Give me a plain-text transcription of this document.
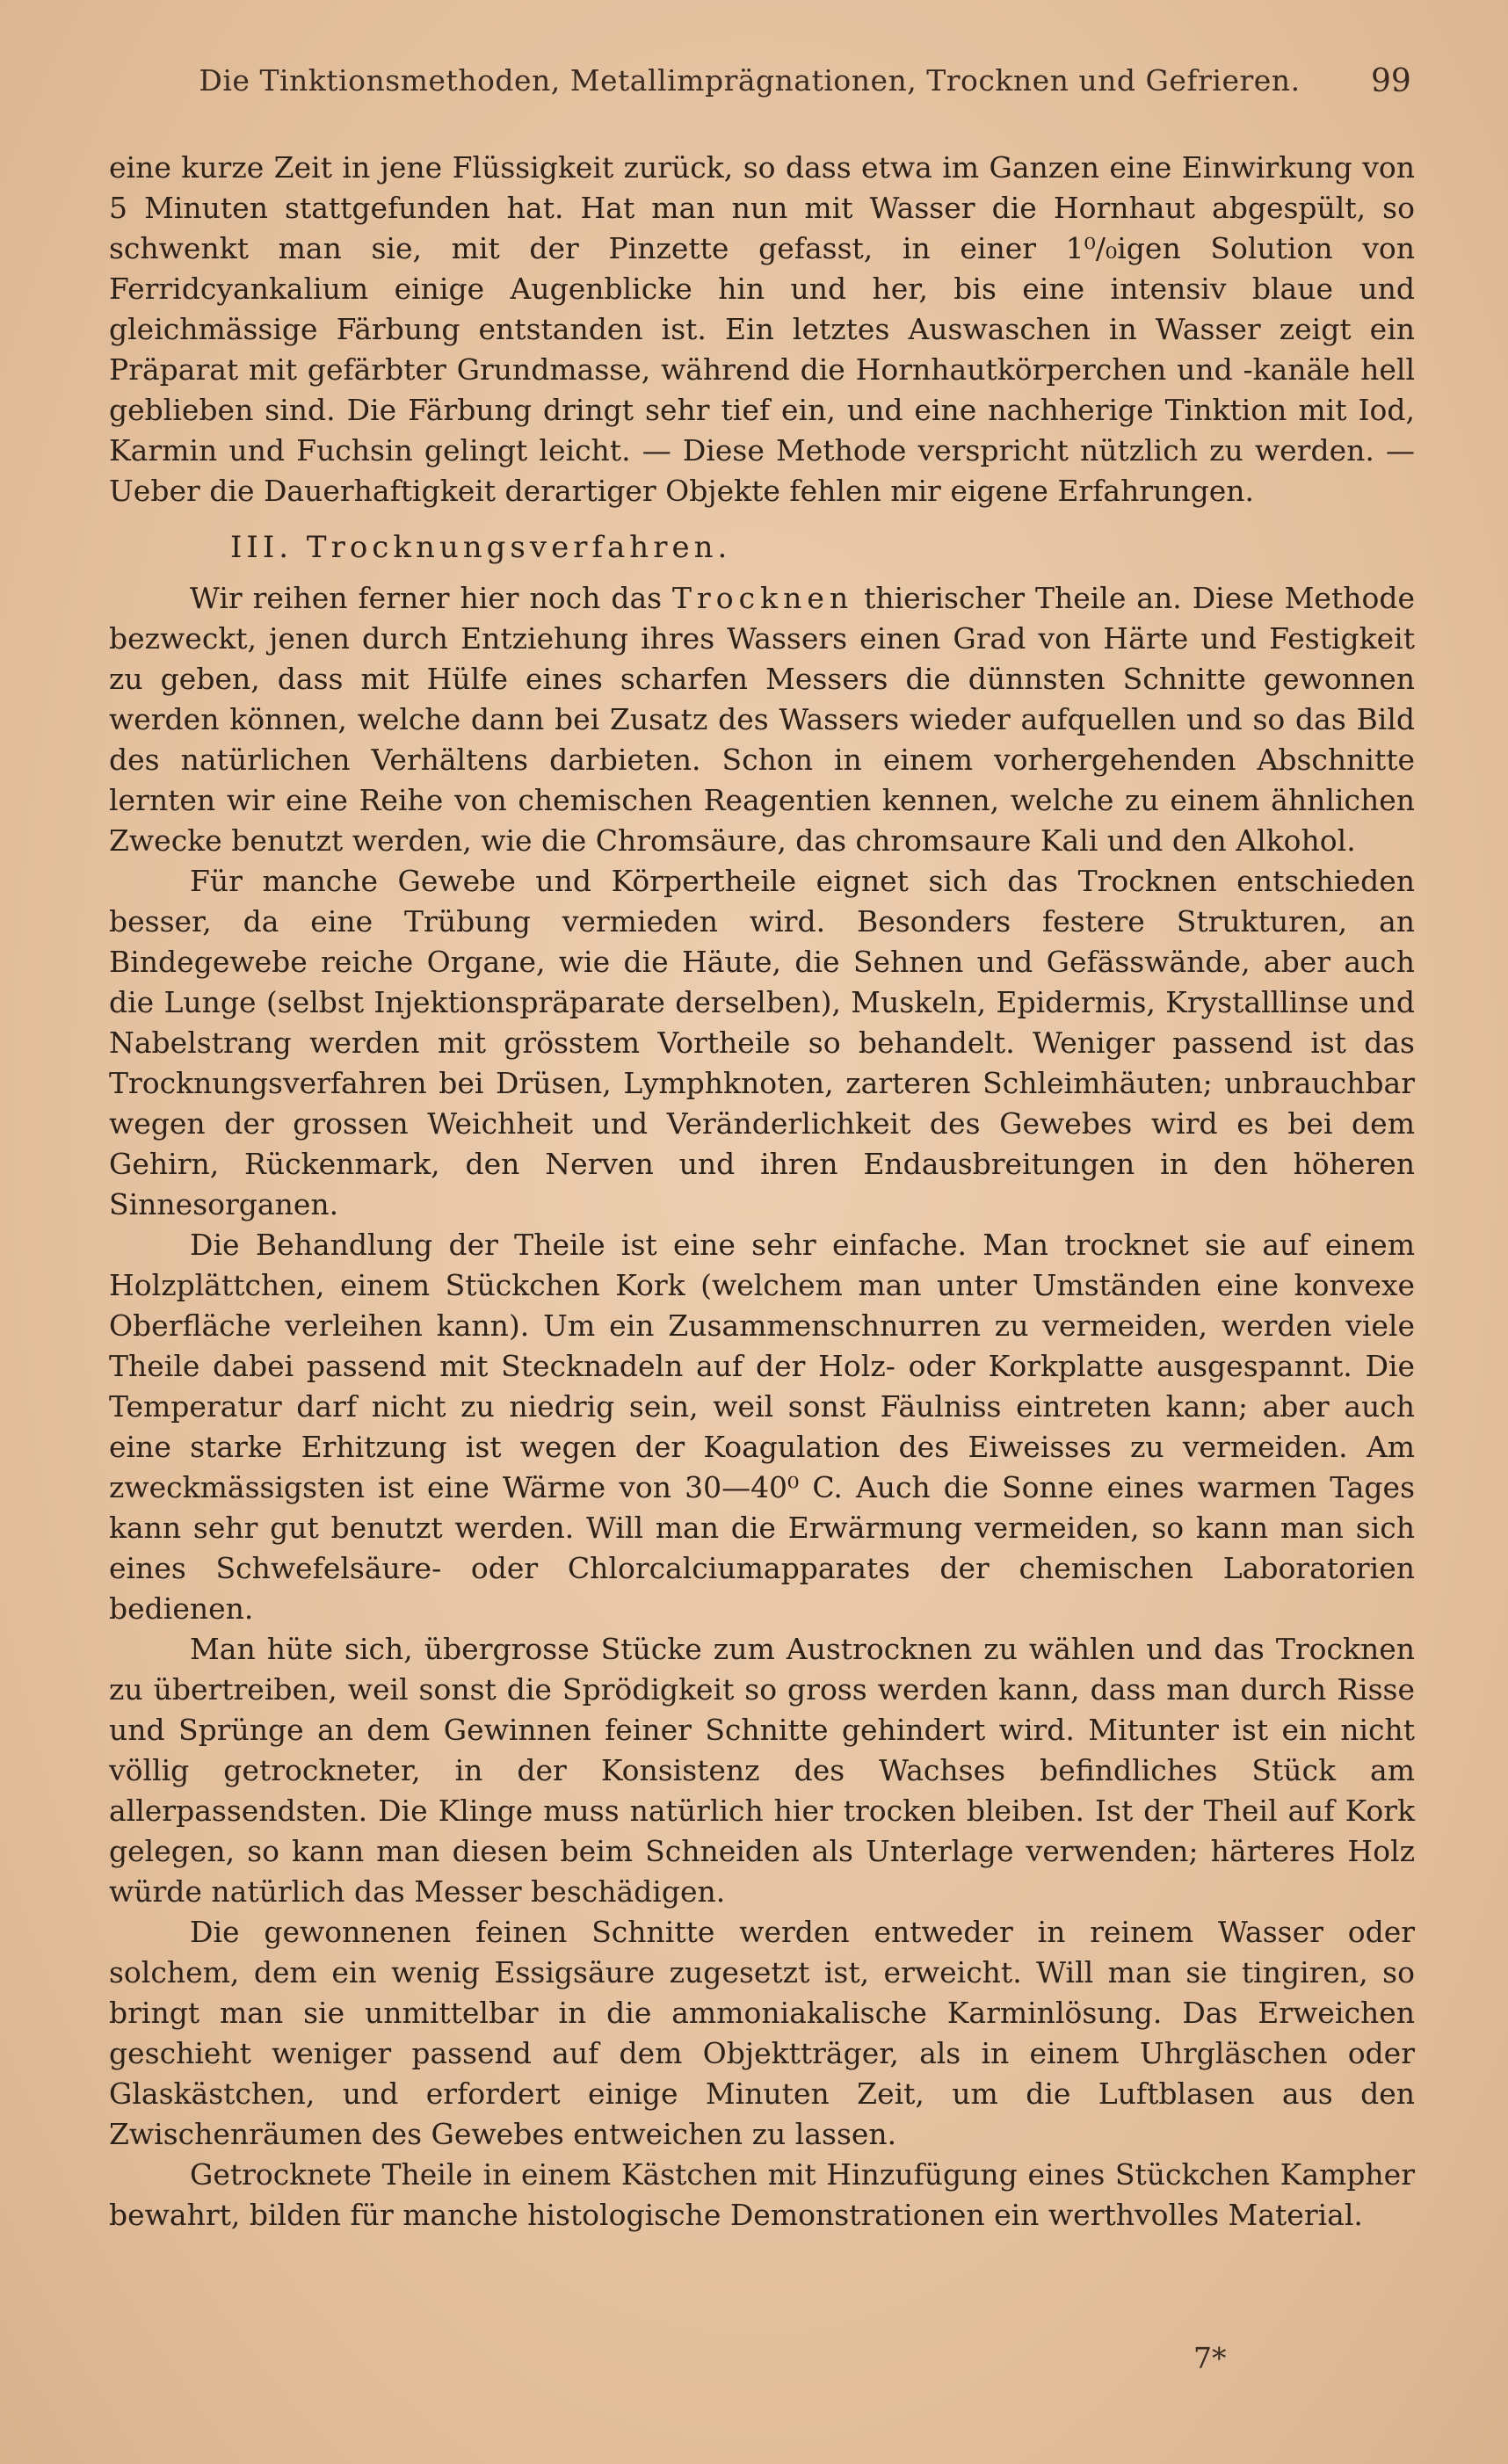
Die Tinktionsmethoden, Metallimprägnationen, Trocknen und Gefrieren.	99

eine kurze Zeit in jene Flüssigkeit zurück, so dass etwa im Ganzen eine Einwirkung von 5 Minuten stattgefunden hat. Hat man nun mit Wasser die Hornhaut abgespült, so schwenkt man sie, mit der Pinzette gefasst, in einer 1⁰/₀igen Solution von Ferridcyankalium einige Augenblicke hin und her, bis eine intensiv blaue und gleichmässige Färbung entstanden ist. Ein letztes Auswaschen in Wasser zeigt ein Präparat mit gefärbter Grundmasse, während die Hornhautkörperchen und -kanäle hell geblieben sind. Die Färbung dringt sehr tief ein, und eine nachherige Tinktion mit Iod, Karmin und Fuchsin gelingt leicht. — Diese Methode verspricht nützlich zu werden. — Ueber die Dauerhaftigkeit derartiger Objekte fehlen mir eigene Erfahrungen.

III. Trocknungsverfahren.

Wir reihen ferner hier noch das Trocknen thierischer Theile an. Diese Methode bezweckt, jenen durch Entziehung ihres Wassers einen Grad von Härte und Festigkeit zu geben, dass mit Hülfe eines scharfen Messers die dünnsten Schnitte gewonnen werden können, welche dann bei Zusatz des Wassers wieder aufquellen und so das Bild des natürlichen Verhältens darbieten. Schon in einem vorhergehenden Abschnitte lernten wir eine Reihe von chemischen Reagentien kennen, welche zu einem ähnlichen Zwecke benutzt werden, wie die Chromsäure, das chromsaure Kali und den Alkohol.

Für manche Gewebe und Körpertheile eignet sich das Trocknen entschieden besser, da eine Trübung vermieden wird. Besonders festere Strukturen, an Bindegewebe reiche Organe, wie die Häute, die Sehnen und Gefässwände, aber auch die Lunge (selbst Injektionspräparate derselben), Muskeln, Epidermis, Krystalllinse und Nabelstrang werden mit grösstem Vortheile so behandelt. Weniger passend ist das Trocknungsverfahren bei Drüsen, Lymphknoten, zarteren Schleimhäuten; unbrauchbar wegen der grossen Weichheit und Veränderlichkeit des Gewebes wird es bei dem Gehirn, Rückenmark, den Nerven und ihren Endausbreitungen in den höheren Sinnesorganen.

Die Behandlung der Theile ist eine sehr einfache. Man trocknet sie auf einem Holzplättchen, einem Stückchen Kork (welchem man unter Umständen eine konvexe Oberfläche verleihen kann). Um ein Zusammenschnurren zu vermeiden, werden viele Theile dabei passend mit Stecknadeln auf der Holz- oder Korkplatte ausgespannt. Die Temperatur darf nicht zu niedrig sein, weil sonst Fäulniss eintreten kann; aber auch eine starke Erhitzung ist wegen der Koagulation des Eiweisses zu vermeiden. Am zweckmässigsten ist eine Wärme von 30—40⁰ C. Auch die Sonne eines warmen Tages kann sehr gut benutzt werden. Will man die Erwärmung vermeiden, so kann man sich eines Schwefelsäure- oder Chlorcalciumapparates der chemischen Laboratorien bedienen.

Man hüte sich, übergrosse Stücke zum Austrocknen zu wählen und das Trocknen zu übertreiben, weil sonst die Sprödigkeit so gross werden kann, dass man durch Risse und Sprünge an dem Gewinnen feiner Schnitte gehindert wird. Mitunter ist ein nicht völlig getrockneter, in der Konsistenz des Wachses befindliches Stück am allerpassendsten. Die Klinge muss natürlich hier trocken bleiben. Ist der Theil auf Kork gelegen, so kann man diesen beim Schneiden als Unterlage verwenden; härteres Holz würde natürlich das Messer beschädigen.

Die gewonnenen feinen Schnitte werden entweder in reinem Wasser oder solchem, dem ein wenig Essigsäure zugesetzt ist, erweicht. Will man sie tingiren, so bringt man sie unmittelbar in die ammoniakalische Karminlösung. Das Erweichen geschieht weniger passend auf dem Objektträger, als in einem Uhrgläschen oder Glaskästchen, und erfordert einige Minuten Zeit, um die Luftblasen aus den Zwischenräumen des Gewebes entweichen zu lassen.

Getrocknete Theile in einem Kästchen mit Hinzufügung eines Stückchen Kampher bewahrt, bilden für manche histologische Demonstrationen ein werthvolles Material.

7*
